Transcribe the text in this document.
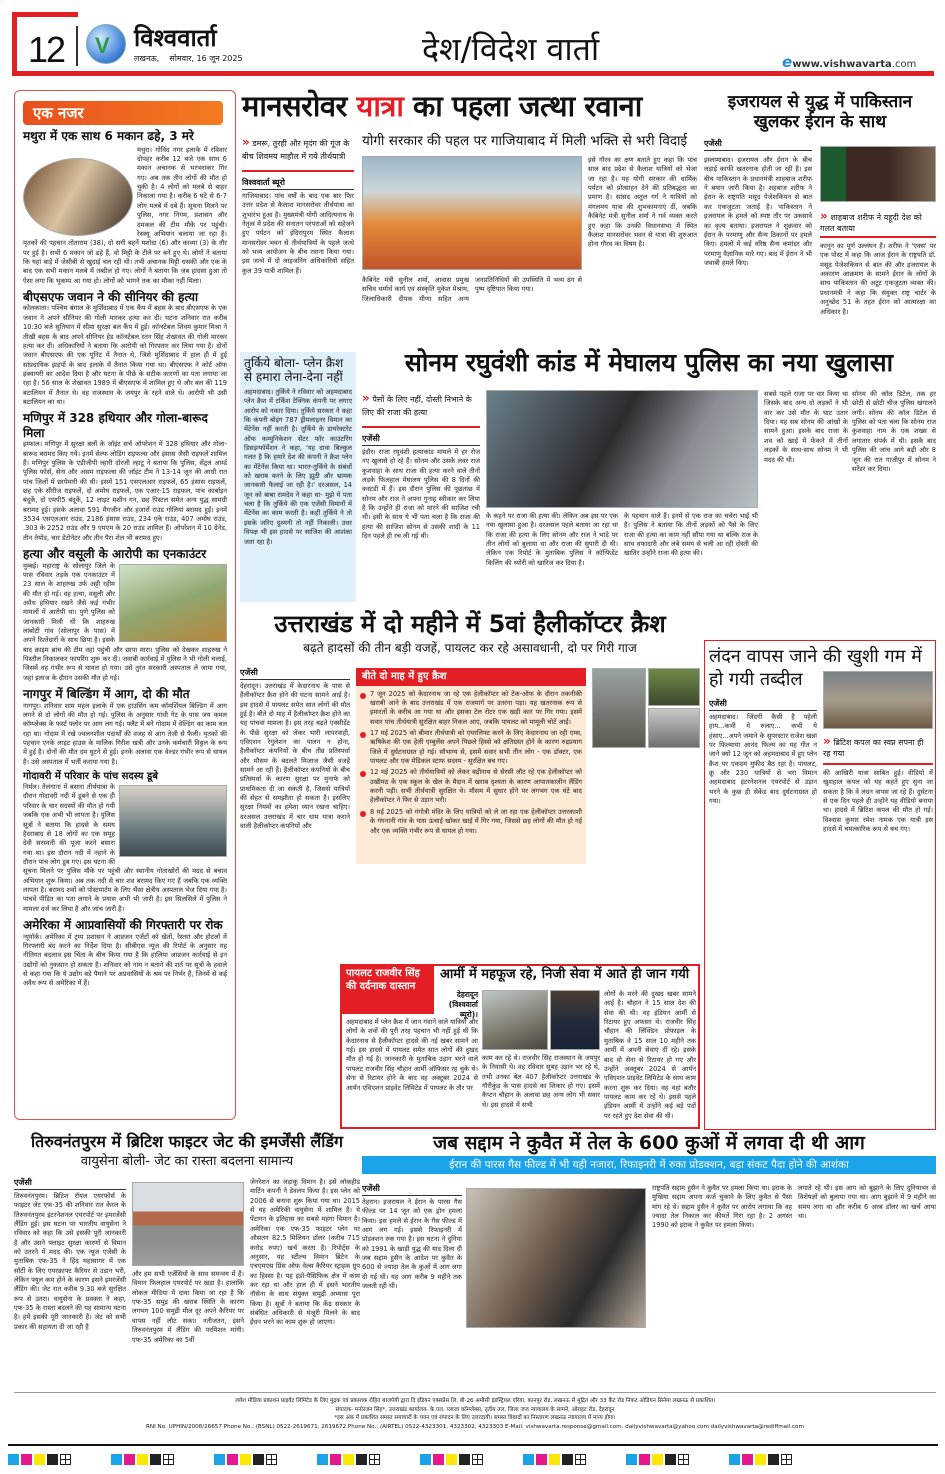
12 V विश्ववार्ता
लखनऊ, सोमवार, 16 जून 2025	देश/विदेश वार्ता	ewww.vishwavarta.com
एक नजर
मथुरा में एक साथ 6 मकान ढहे, 3 मरे
मथुरा। गोविंद नगर इलाके में रविवार दोपहर करीब 12 बजे एक साथ 6 मकान अचानक से भरभराकर गिर गए। अब तक तीन लोगों की मौत हो चुकी है। 4 लोगों को मलबे से बाहर निकाला गया है। करीब 6 घंटे से 6-7 लोग मलबे में दबे हैं। सूचना मिलने पर पुलिस, नगर निगम, प्रशासन और दमकल की टीम मौके पर पहुंची। रेस्क्यू अभियान चलाया जा रहा है। मृतकों की पहचान तोताराम (38), दो सगी बहनें यशोदा (6) और काव्या (3) के तौर पर हुई है। सभी 6 मकान जो ढहे हैं, वो मिट्टी के टीले पर बने हुए थे। लोगों ने बताया कि यहां बाड़े में जेसीबी से खुदाई चल रही थी। तभी अचानक मिट्टी धसकी और एक के बाद एक सभी मकान मलबे में तब्दील हो गए। लोगों ने बताया कि जब हादसा हुआ तो ऐसा लगा कि भूकम्प आ गया हो। लोगों को भागने तक का मौका नहीं मिला।
बीएसएफ जवान ने की सीनियर की हत्या
कोलकाता। पश्चिम बंगाल के मुर्शिदाबाद में एक कैंप में बहस के बाद बीएसएफ के एक जवान ने अपने सीनियर की गोली मारकर हत्या कर दी। घटना शनिवार रात करीब 10:30 बजे सुतियान में सीमा सुरक्षा बल कैंप में हुई। कॉन्स्टेबल शिवम कुमार मिश्रा ने तीखी बहस के बाद अपने सीनियर हेड कॉन्स्टेबल रतन सिंह शेखावत की गोली मारकर हत्या कर दी। अधिकारियों ने बताया कि आरोपी को गिरफ्तार कर लिया गया है। दोनों जवान बीएसएफ की एक यूनिट में तैनात थे, जिसे मुर्शिदाबाद में हाल ही में हुई सांप्रदायिक झड़पों के बाद इलाके में तैनात किया गया था। बीएसएफ ने कोर्ट ऑफ इंक्वायरी का आदेश दिया है और घटना के पीछे के सटीक कारणों का पता लगाया जा रहा है। 56 साल के शेखावत 1989 में बीएसएफ में शामिल हुए थे और बल की 119 बटालियन में तैनात थे। वह राजस्थान के जयपुर के रहने वाले थे। आरोपी भी उसी बटालियन का था।
मणिपुर में 328 हथियार और गोला-बारूद मिला
इम्फाल। मणिपुर में सुरक्षा बलों के जॉइंट सर्च ऑपरेशन में 328 हथियार और गोला-बारूद बरामद किए गये। इनमें सेल्फ लोडिंग राइफल्स और इंसास जैसी राइफलें शामिल हैं। मणिपुर पुलिस के एडीजीपी ल्हारी दोरजी ल्हाटू ने बताया कि पुलिस, सेंट्रल आर्म्ड पुलिस फोर्स, सेना और असम राइफल्स की जॉइंट टीम ने 13-14 जून की आधी रात पांच जिलों में छापेमारी की थी। इसमें 151 एसएलआर राइफलें, 65 इंसास राइफलें, छह एके सीरीज राइफलें, दो अमोघ राइफलें, एक एआर-15 राइफल, पांच कार्बाइन बंदूकें, दो एमपी5 बंदूकें, 12 लाइट मशीन गन, छह पिस्टल समेत अन्य युद्ध सामग्री बरामद हुई। इसके अलावा 591 मैगजीन और हजारों राउंड गोलियां बरामद हुईं। इनमें 3534 एसएलआर राउंड, 2186 इंसास राउंड, 234 एके राउंड, 407 अमोघ राउंड, .303 के 2252 राउंड और 9 एमएम के 20 राउंड शामिल हैं। ऑपरेशन में 10 ग्रेनेड, तीन तेयोड, चार डेटोनेटर और तीन पैरा शेल भी बरामद हुए।
हत्या और वसूली के आरोपी का एनकाउंटर
मुम्बई। महाराष्ट्र के सोलापुर जिले के पास रविवार तड़के एक एनकाउंटर में 23 साल के शाहरुख उर्फ अट्टी रहीम की मौत हो गई। वह हत्या, वसूली और अवैध हथियार रखने जैसे कई गंभीर मामलों में आरोपी था। पुणे पुलिस को जानकारी मिली थी कि शाहरुख लांबोटी गांव (सोलापुर के पास) में अपने रिश्तेदारों के साथ छिपा है। इसके बाद क्राइम ब्रांच की टीम वहां पहुंची और छापा मारा। पुलिस को देखकर शाहरुख ने पिस्तौल निकालकर फायरिंग शुरू कर दी। जवाबी कार्रवाई में पुलिस ने भी गोली चलाई, जिसमें वह गंभीर रूप से घायल हो गया। उसे तुरंत सरकारी अस्पताल ले जाया गया, जहां इलाज के दौरान उसकी मौत हो गई।
नागपुर में बिल्डिंग में आग, दो की मौत
नागपुर। शनिवार शाम महल इलाके में एक हाउसिंग कम कॉमर्शियल बिल्डिंग में आग लगने से दो लोगों की मौत हो गई। पुलिस के अनुसार गांधी गेट के पास जय कमल कॉम्प्लेक्स के फर्स्ट फ्लोर पर आग लग गई। फ्लैट में बने गोदाम में वेल्डिंग का काम चल रहा था। गोदाम में रखे ज्वलनशील पदार्थों की वजह से आग तेजी से फैली। मृतकों की पहचान एनके लाइट हाउस के मालिक गिरीश खत्री और उनके कर्मचारी विठ्ठल के रूप में हुई है। दोनों की मौत दम घुटने से हुई। इनके अलावा एक वेल्डर गंभीर रूप से घायल है। उसे अस्पताल में भर्ती कराया गया है।
गोदावरी में परिवार के पांच सदस्य डूबे
निर्मल। तेलंगाना में बसारा तीर्थयात्रा के दौरान गोदावरी नदी में डूबने से एक ही परिवार के चार सदस्यों की मौत हो गयी जबकि एक अभी भी लापता है। पुलिस सूत्रों ने बताया कि हादसे के समय हैदराबाद से 18 लोगों का एक समूह देवी सरस्वती की पूजा करने बसारा गया था। इस दौरान नदी में नहाने के दौरान पांच लोग डूब गए। इस घटना की सूचना मिलने पर पुलिस मौके पर पहुंची और स्थानीय गोताखोरों की मदद से बचाव अभियान शुरू किया। अब तक नदी से चार शव बरामद किए गए हैं जबकि एक व्यक्ति लापता है। बरामद शवों को पोस्टमार्टम के लिए भैंसा क्षेत्रीय अस्पताल भेज दिया गया है। पांचवें पीड़ित का पता लगाने के प्रयास अभी भी जारी है। इस सिलसिले में पुलिस ने मामला दर्ज कर लिया है और जांच जारी है।
अमेरिका में आप्रवासियों की गिरफ्तारी पर रोक
न्यूयॉर्क। अमेरिका में ट्रम्प प्रशासन ने आव्रजन एजेंटों को खेतों, रेस्तरां और होटलों में गिरफ्तारी बंद करने का निर्देश दिया है। सीबीएस न्यूज की रिपोर्ट के अनुसार यह नीतिगत बदलाव इस चिंता के बीच किया गया है कि हालिया आव्रजन कार्रवाई से इन उद्योगों को नुकसान हो सकता है। शनिवार को नाम न बताने की शर्त पर सूत्रों के हवाले से कहा गया कि ये उद्योग बड़े पैमाने पर अप्रवासियों के श्रम पर निर्भर हैं, जिनमें से कई अवैध रूप से अमेरिका में हैं।
मानसरोवर यात्रा का पहला जत्था रवाना
» डमरू, तुरही और मृदंग की गूंज के बीच शिवमय माहौल में गये तीर्थयात्री
विश्ववार्ता ब्यूरो
गाजियाबाद। पांच वर्षों के बाद एक बार फिर उत्तर प्रदेश से कैलाश मानसरोवर तीर्थयात्रा का शुभारंभ हुआ है। मुख्यमंत्री योगी आदित्यनाथ के नेतृत्व में प्रदेश की सनातन परंपराओं को सहेजने हुए पर्यटन को इंदिरापुरम स्थित कैलाश मानसरोवर भवन से तीर्थयात्रियों के पहले जत्थे को भव्य आयोजन के बीच रवाना किया गया। इस जत्थे में दो लाइजनिंग अधिकारियों सहित कुल 39 यात्री शामिल हैं।
योगी सरकार की पहल पर गाजियाबाद में मिली भक्ति से भरी विदाई
इसे गौरव का क्षण बताते हुए कहा कि पांच साल बाद प्रदेश से कैलाश यात्रियों को भेजा जा रहा है। यह योगी सरकार की धार्मिक पर्यटन को प्रोत्साहन देने की प्रतिबद्धता का प्रमाण है। सांसद अतुल गर्ग ने यात्रियों को मंगलमय यात्रा की शुभकामनाएं दीं, जबकि कैबिनेट मंत्री सुनील शर्मा ने गर्व व्यक्त करते हुए कहा कि उनकी विधानसभा में स्थित कैलाश मानसरोवर भवन से यात्रा की शुरुआत होना गौरव का विषय है।
कैबिनेट मंत्री सुनील शर्मा, आवास प्रमुख सचिव धर्मार्थ कार्य एवं संस्कृति मुकेश मेश्राम, जिलाधिकारी दीपक मीणा सहित अन्य जनप्रतिनिधियों की उपस्थिति में भव्य ढंग से पुष्प दृष्टिपात किया गया।
इजरायल से युद्ध में पाकिस्तान खुलकर ईरान के साथ
एजेंसी
इस्लामाबाद। इजरायल और ईरान के बीच लड़ाई काफी खतरनाक होती जा रही है। इस बीच पाकिस्तान के प्रधानमंत्री शाहबाज शरीफ ने बयान जारी किया है। शहबाज शरीफ ने ईरान के राष्ट्रपति मसूद पेजेशकियन से बात कर एकजुटता जताई है। पाकिस्तान ने इजरायल के हमले को स्पष्ट तौर पर उकसावे का कृत्य बताया। इजरायल ने शुक्रवार को ईरान के परमाणु और सैन्य ठिकानों पर हमले किए। हमलों में कई वरिष्ठ सैन्य कमांडर और परमाणु वैज्ञानिक मारे गए। बाद में ईरान ने भी जवाबी हमले किए।
» शाहबाज शरीफ ने यहूदी देश को गलत बताया
कानून का पूर्ण उल्लंघन है। शरीफ ने 'एक्स' पर एक पोस्ट में कहा कि आज ईरान के राष्ट्रपति डॉ. मसूद पेजेशकियन से बात की और इजरायल के अकारण आक्रमण के सामने ईरान के लोगों के साथ पाकिस्तान की अटूट एकजुटता व्यक्त की। प्रधानमंत्री ने कहा कि संयुक्त राष्ट्र चार्टर के अनुच्छेद 51 के तहत ईरान को आत्मरक्षा का अधिकार है।
तुर्किये बोला- प्लेन क्रैश से हमारा लेना-देना नहीं
अहमदाबाद। तुर्किये ने रविवार को अहमदाबाद प्लेन क्रैश में टर्किश टेक्निक कंपनी पर लगाए आरोप को नकार दिया। तुर्किये सरकार ने कहा कि कंपनी बोइंग 787 ड्रीमलाइनर विमान का मेंटेनेंस नहीं करती है। तुर्किये के डायरेक्टरेट ऑफ कम्युनिकेशन सेंटर फॉर काउंटरिंग डिसइन्फॉर्मेशन ने कहा, 'यह दावा बिल्कुल गलत है कि हमारे देश की कंपनी ने क्रैश प्लेन का मेंटेनेंस किया था। भारत-तुर्किये के संबंधों को खराब करने के लिए झूठी और भ्रामक जानकारी फैलाई जा रही है।' दरअसल, 14 जून को बाबा रामदेव ने कहा था- मुझे ये पता चला है कि तुर्किये की एक एजेंसी विमानों में मेंटेनेंस का काम करती है। कहीं तुर्किये ने तो इसके जरिए दुश्मनी तो नहीं निकाली। उधर विपक्ष भी इस हादसे पर साजिश की आशंका जता रहा है।
सोनम रघुवंशी कांड में मेघालय पुलिस का नया खुलासा
» पैसों के लिए नहीं, दोस्ती निभाने के लिए की राजा की हत्या
एजेंसी
इंदौर। राजा रघुवंशी हत्याकांड मामले में हर रोज नए खुलासे हो रहे हैं। सोनम और उसके लवर राज कुशवाहा के साथ राजा की हत्या करने वाले तीनों लड़के फिलहाल मेघालय पुलिस की 8 दिनों की कस्टडी में हैं। इस दौरान पुलिस की पूछताछ में सोनम और राज ने अपना गुनाह स्वीकार कर लिया है कि उन्होंने ही राजा को मारने की साजिश रची थी। इसी के साथ ये भी पता चला है कि राजा की हत्या की साजिश सोनम से उसकी शादी के 11 दिन पहले ही रच ली गई थी।
के कहने पर राजा की हत्या की। लेकिन अब इस पर एक नया खुलासा हुआ है। दरअसल पहले बताया जा रहा था कि राजा की हत्या के लिए सोनम और राज ने भाड़े पर तीन लोगों को बुलाया था और राजा की सुपारी दी थी। लेकिन एक रिपोर्ट के मुताबिक पुलिस ने कॉन्फिडेंट किलिंग की थ्योरी को खारिज कर दिया है।
के पहचान वाले हैं। इनमें से एक राज का चचेरा भाई भी है। पुलिस ने बताया कि तीनों लड़कों को पैसे के लिए राजा की हत्या का काम नहीं सौंपा गया था बल्कि राज के साथ वफादारी और लंबे समय से चली आ रही दोस्ती की खातिर उन्होंने राजा की हत्या की।
सबसे पहले राजा पर वार किया था जिसके बाद अन्य दो लड़कों ने भी वार कर उसे मौत के घाट उतार दिया। यह सब सोनम की आंखों के सामने हुआ। इसके बाद राजा के शव को खाई में फेंकने में तीनों लड़कों के साथ-साथ सोनम ने भी मदद की थी।
सोनम की कॉल डिटेल, तक हर छोटी से छोटी चीज पुलिस खंगालने लगी। सोनम की कॉल डिटेल से पुलिस को पता चला कि सोनम राज कुशवाहा नाम के एक शख्स से लगातार संपर्क में थी। इसके बाद पुलिस की जांच आगे बढ़ी और 8 जून की रात गाजीपुर में सोनम ने सरेंडर कर दिया।
उत्तराखंड में दो महीने में 5वां हैलीकॉप्टर क्रैश
बढ़ते हादसों की तीन बड़ी वजहें, पायलट कर रहे असावधानी, दो पर गिरी गाज
एजेंसी
देहरादून। उत्तराखंड में केदारनाथ के पास से हैलीकॉप्टर क्रैश होने की घटना सामने आई है। इस हादसे में पायलट समेत सात लोगों की मौत हुई है। बीते दो माह में हैलीकॉप्टर क्रैश होने का यह पांचवां मामला है। इस तरह बढ़ते एक्सीडेंट के पीछे सुरक्षा को लेकर भारी लापरवाही, एविएशन रेगुलेशन का पालन न होना, हैलीकॉप्टर कंपनियों के बीच तीव्र प्रतिस्पर्धा और मौसम के बदलते मिजाज जैसी वजहें सामने आ रही हैं। हैलीकॉप्टर कंपनियों के बीच प्रतिस्पर्धा के कारण सुरक्षा पर मुनाफे को प्राथमिकता दी जा सकती है, जिससे यात्रियों की सेहत से समझौता हो सकता है। इसलिए सुरक्षा नियमों का हमेशा ध्यान रखना चाहिए। दरअसल उत्तराखंड में चार धाम यात्रा कराने वाली हैलीकॉप्टर कंपनियों और
बीते दो माह में हुए क्रैश
7 जून 2025 को केदारनाथ जा रहे एक हेलीकॉप्टर को टेक-ऑफ के दौरान तकनीकी खराबी आने के बाद उत्तराखंड में एक राजमार्ग पर उतरना पड़ा। यह खतरनाक रूप से इमारतों के करीब आ गया था और इसका टेल रोटर एक खड़ी कार पर गिर गया। इसमें सवार पांच तीर्थयात्री सुरक्षित बाहर निकल आए, जबकि पायलट को मामूली चोटें आईं।
17 मई 2025 को बीमार तीर्थयात्री को एयरलिफ्ट करने के लिए केदारनाथ जा रही एम्स, ऋषिकेश की एक हेली एम्बुलेंस अपने पिछले हिस्से को क्षतिग्रस्त होने के कारण रुद्रप्रयाग जिले में दुर्घटनाग्रस्त हो गई। सौभाग्य से, इसमें सवार सभी तीन लोग - एक डॉक्टर, एक पायलट और एक मेडिकल स्टाफ सदस्य - सुरक्षित बच गए।
12 मई 2025 को तीर्थयात्रियों को लेकर बद्रीनाथ से सेरसी लौट रहे एक हेलीकॉप्टर को उखीमठ के एक स्कूल के खेल के मैदान में खराब दृश्यता के कारण आपातकालीन लैंडिंग करनी पड़ी। सभी तीर्थयात्री सुरक्षित थे। मौसम में सुधार होने पर लगभग एक घंटे बाद हेलीकॉप्टर ने फिर से उड़ान भरी।
8 मई 2025 को गंगोत्री मंदिर के लिए यात्रियों को ले जा रहा एक हेलीकॉप्टर उत्तरकाशी के गंगनानी गांव के पास ऊंचाई खोकर खाई में गिर गया, जिससे छह लोगों की मौत हो गई और एक व्यक्ति गंभीर रूप से घायल हो गया।
पायलट राजवीर सिंह की दर्दनाक दास्तान
आर्मी में महफूज रहे, निजी सेवा में आते ही जान गयी
देहरादून (विश्ववार्ता ब्यूरो)।
अहमदाबाद में प्लेन क्रैश में जान गंवाने वाले यात्रियों और लोगों के शवों की पूरी तरह पहचान भी नहीं हुई थी कि केदारनाथ से हैलीकॉप्टर हादसे की नई खबर सामने आ गई। इस हादसे में पायलट समेत सात लोगों की दुखद मौत हो गई है। जानकारी के मुताबिक उड़ान भरने वाले पायलट राजवीर सिंह चौहान आर्मी ऑफिसर रह चुके थे। सेना से रिटायर होने के बाद वह अक्टूबर 2024 से आर्यन एविएशन प्राइवेट लिमिटेड में पायलट के तौर पर
काम कर रहे थे। राजवीर सिंह राजस्थान के जयपुर के निवासी थे। वह रविवार सुबह उड़ान भर रहे थे, तभी उनका बेल 407 हैलीकॉप्टर उत्तराखंड के गौरीकुंड के पास हादसे का शिकार हो गए। इसमें कैप्टन चौहान के अलावा छह अन्य लोग भी सवार थे। इस हादसे में सभी
लोगों के मरने की दुखद खबर सामने आई है। चौहान ने 15 साल देश की सेवा की थी। वह इंडियन आर्मी से रिटायर हुए अफसर थे। राजवीर सिंह चौहान की लिंक्डिन प्रोफाइल के मुताबिक वे 15 साल 10 महीने तक आर्मी में अपनी सेवाएं दीं रहे। इसके बाद वो सेना से रिटायर हो गए और उन्होंने अक्तूबर 2024 से आर्यन एविएशन प्राइवेट लिमिटेड के साथ काम करना शुरू कर दिया। वह वहां बतौर पायलट काम कर रहे थे। इससे पहले इंडियन आर्मी में उन्होंने कई बड़े पदों पर रहते हुए देश सेवा की थी।
लंदन वापस जाने की खुशी गम में हो गयी तब्दील
» ब्रिटिश कपल का स्वप्न सपना ही रह गया
एजेंसी
अहमदाबाद। जिंदगी कैसी है पहेली हाय...कभी ये रुलाए... कभी ये हंसाए...अपने जमाने के सुपरस्टार राजेश खन्ना पर फिल्माया आनंद फिल्म का यह गीत न जाने क्यों 12 जून को अहमदाबाद में हुए प्लेन क्रैश पर एकदम मुफीद बैठ रहा है। पायलट, क्रू और 230 यात्रियों से भरा विमान अहमदाबाद इंटरनेशनल एयरपोर्ट से उड़ान भरने के कुछ ही सेकेंड बाद दुर्घटनाग्रस्त हो गया।
की आखिरी यात्रा साबित हुई। वीडियो में खुशहाल कपल को यह कहते हुए सुना जा सकता है कि वे लंदन वापस जा रहे हैं। दुर्घटना से एक दिन पहले ही उन्होंने यह वीडियो बनाया था। हादसे में ब्रिटिश कपल की मौत हो गई। विश्वास कुमार रमेश नामक एक यात्री इस हादसे में चमत्कारिक रूप से बच गए।
तिरुवनंतपुरम में ब्रिटिश फाइटर जेट की इमर्जेंसी लैंडिंग
वायुसेना बोली- जेट का रास्ता बदलना सामान्य
एजेंसी
तिरुवनंतपुरम। ब्रिटिश रॉयल एयरफोर्स के फाइटर जेट एफ-35 की शनिवार रात केरल के तिरुवनंतपुरम इंटरनेशनल एयरपोर्ट पर इमरजेंसी लैंडिंग हुई। इस घटना पर भारतीय वायुसेना ने रविवार को कहा कि उसे इसकी पूरी जानकारी है और उसने फ्लाइट सुरक्षा कारणों से विमान को उतरने में मदद की। एक न्यूज एजेंसी के मुताबिक एफ-35 ने हिंद महासागर में एक साँर्टी के लिए एयरक्राफ्ट कैरियर से उड़ान भरी, लेकिन फ्यूल कम होने के कारण इसने इमरजेंसी लैंडिंग की। जेट रात करीब 9.30 बजे सुरक्षित रूप से उतरा। वायुसेना के प्रवक्ता ने कहा, एफ-35 के रास्ता बदलने की यह सामान्य घटना है। हमें इसकी पूरी जानकारी है। जेट को सभी प्रकार की सहायता दी जा रही है
और हम सभी एजेंसियों के साथ समन्वय में हैं। विमान फिलहाल एयरपोर्ट पर खड़ा है। हालांकि लोकल मीडिया में दावा किया जा रहा है कि एफ-35 समुद्र की खराब स्थिति के कारण लगभग 100 समुद्री मील दूर अपने कैरियर पर वापस नहीं लौट सका। नतीजतन, इसने तिरुवनंतपुरम में लैंडिंग की परमिशन मांगी। एफ-35 अमेरिका का 5वीं
जेनरेशन का लड़ाकू विमान है। इसे लॉकहीड मार्टिन कंपनी ने डेवलप किया है। इस प्लेन को 2006 से बनाना शुरू किया गया था। 2015 से यह अमेरिकी वायुसेना में शामिल है। ये पेंटागन के इतिहास का सबसे महंगा विमान है। अमेरिका एक एफ-35 फाइटर प्लेन पर औसतन 82.5 मिलियन डॉलर (करीब 715 करोड़ रुपए) खर्च करता है। रिपोर्ट्स के अनुसार, यह स्टील्थ विमान ब्रिटेन के एचएमएस प्रिंस ऑफ वेल्स कैरियर स्ट्राइक ग्रुप का हिस्सा है। यह इंडो-पैसिफिक क्षेत्र में काम कर रहा था और हाल ही में इसने भारतीय नौसेना के साथ संयुक्त समुद्री अभ्यास पूरा किया है। सूत्रों ने बताया कि केंद्र सरकार के संबंधित अधिकारी से मंजूरी मिलने के बाद ईंधन भरने का काम शुरू हो जाएगा।
जब सद्दाम ने कुवैत में तेल के 600 कुओं में लगवा दी थी आग
ईरान की पारस गैस फील्ड में भी यही नजारा, रिफाइनरी में रुका प्रोडक्शन, बड़ा संकट पैदा होने की आशंका
एजेंसी
तेहरान। इजरायल ने ईरान के पारस गैस फील्ड पर 14 जून को एक ड्रोन हमला किया। इस हमले से ईरान के गैस फील्ड में आग लग गई। इससे रिफाइनरी में प्रोडक्शन रुक गया है। इस घटना ने दुनिया को 1991 के खाड़ी युद्ध की याद दिला दी जब सद्दाम हुसैन के आदेश पर कुवैत के 600 से ज्यादा तेल के कुओं में आग लगा दी गई थी। यह आग करीब 9 महीने तक जलती रही थी।
राष्ट्रपति सद्दाम हुसैन ने कुवैत पर हमला किया था। इराक के मुखिया सद्दाम अपना कर्ज चुकाने के लिए कुवैत से पैसा मांग रहे थे। सद्दाम हुसैन ने कुवैत पर आरोप लगाया कि वह ज्यादा तेल निकाल कर कीमतें गिरा रहा है। 2 अगस्त 1990 को इराक ने कुवैत पर हमला किया।
लगाते रहे थी। इस आग को बुझाने के लिए दुनियाभर से विशेषज्ञों को बुलाया गया था। आग बुझाने में 9 महीने का समय लगा था और करीब 6 अरब डॉलर का खर्च आया था।
जयेश मीडिया प्रकाशन प्राइवेट लिमिटेड के लिए मुद्रक एवं प्रकाशक रोहित बाजपेयी द्वारा दि इंडियन एक्सप्रेस लि. बी-26 अमौसी इंडस्ट्रियल एरिया, कानपुर रोड, लखनऊ से मुद्रित और 33 कैंट रोड निकट ओडियन सिनेमा लखनऊ से प्रकाशित।
संपादक- मनोरंजन सिंह*, उत्तराखंड कार्यालय- के.एल. प्लाजा कॉम्प्लेक्स, तृतीय तल, जिला जज न्यायालय के सामने, ओराइट रोड, देहरादून
*इस अंक में प्रकाशित समस्त समाचारों के चयन एवं संपादन के लिए उत्तरदायी। समस्त विवादों का निस्तारण लखनऊ न्यायालय में मान्य होगा।
RNI No. UPHIN/2008/26657 Phone No.: (BSNL) 0522-2619671, 2619672 Phone No.: (AIRTEL) 0522-4323301, 4323302, 4323303 E-Mail: vishwavarta.response@gmail.com, dailyvishwavarta@yahoo.com dailyvishwavarta@rediffmail.com
